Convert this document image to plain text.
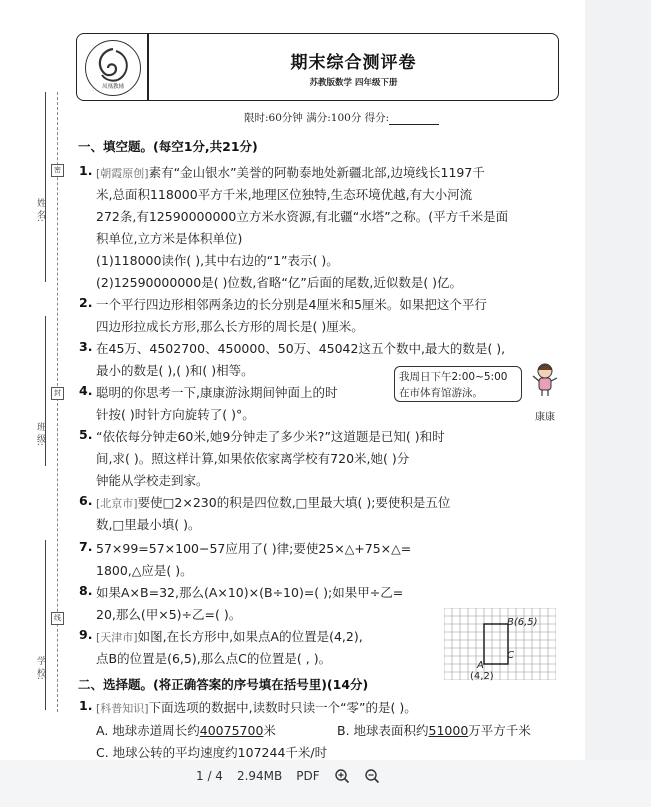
凤凰教辅
期末综合测评卷
苏教版数学 四年级下册
限时:60分钟 满分:100分 得分:
姓 名:
班 级:
学 校:
密
封
线
一、填空题。(每空1分,共21分)
1. [朝霞原创]素有“金山银水”美誉的阿勒泰地处新疆北部,边境线长1197千
米,总面积118000平方千米,地理区位独特,生态环境优越,有大小河流
272条,有12590000000立方米水资源,有北疆“水塔”之称。(平方千米是面
积单位,立方米是体积单位)
(1)118000读作( ),其中右边的“1”表示( )。
(2)12590000000是( )位数,省略“亿”后面的尾数,近似数是( )亿。
2. 一个平行四边形相邻两条边的长分别是4厘米和5厘米。如果把这个平行
四边形拉成长方形,那么长方形的周长是( )厘米。
3. 在45万、4502700、450000、50万、45042这五个数中,最大的数是( ),
最小的数是( ),( )和( )相等。
4. 聪明的你思考一下,康康游泳期间钟面上的时
针按( )时针方向旋转了( )°。
我周日下午2:00~5:00
在市体育馆游泳。
康康
5. “依依每分钟走60米,她9分钟走了多少米?”这道题是已知( )和时
间,求( )。照这样计算,如果依依家离学校有720米,她( )分
钟能从学校走到家。
6. [北京市]要使□2×230的积是四位数,□里最大填( );要使积是五位
数,□里最小填( )。
7. 57×99=57×100−57应用了( )律;要使25×△+75×△=
1800,△应是( )。
8. 如果A×B=32,那么(A×10)×(B÷10)=( );如果甲÷乙=
20,那么(甲×5)÷乙=( )。
9. [天津市]如图,在长方形中,如果点A的位置是(4,2),
点B的位置是(6,5),那么点C的位置是( , )。
B(6,5)
C
A
(4,2)
二、选择题。(将正确答案的序号填在括号里)(14分)
1. [科普知识]下面选项的数据中,读数时只读一个“零”的是( )。
A. 地球赤道周长约40075700米	B. 地球表面积约51000万平方千米
C. 地球公转的平均速度约107244千米/时
1 / 4 2.94MB PDF
